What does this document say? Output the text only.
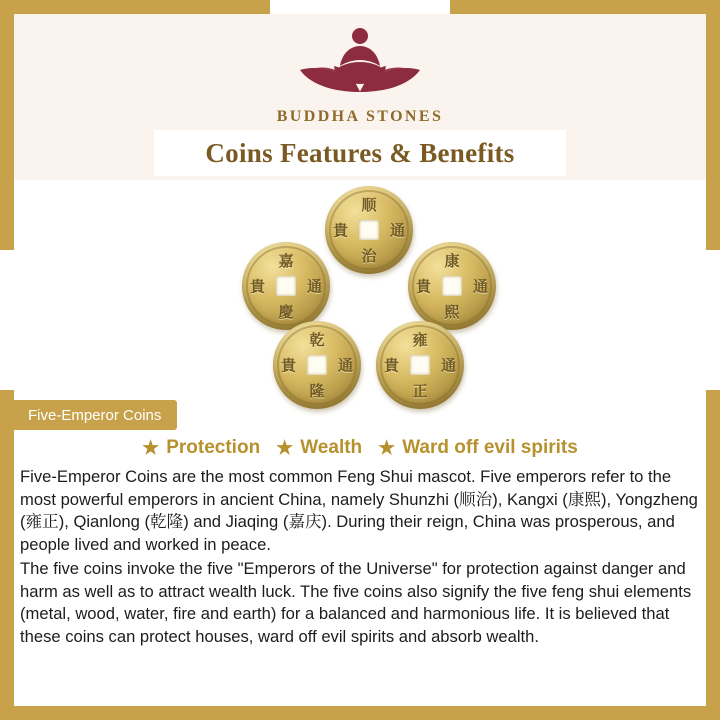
BUDDHA STONES
Coins Features & Benefits
顺
通
治
貴
嘉
通
慶
貴
康
通
熙
貴
乾
通
隆
貴
雍
通
正
貴
Five-Emperor Coins
★ Protection ★ Wealth ★ Ward off evil spirits

Five-Emperor Coins are the most common Feng Shui mascot. Five emperors refer to the most powerful emperors in ancient China, namely Shunzhi (顺治), Kangxi (康熙), Yongzheng (雍正), Qianlong (乾隆) and Jiaqing (嘉庆). During their reign, China was prosperous, and people lived and worked in peace.

The five coins invoke the five "Emperors of the Universe" for protection against danger and harm as well as to attract wealth luck. The five coins also signify the five feng shui elements (metal, wood, water, fire and earth) for a balanced and harmonious life. It is believed that these coins can protect houses, ward off evil spirits and absorb wealth.
